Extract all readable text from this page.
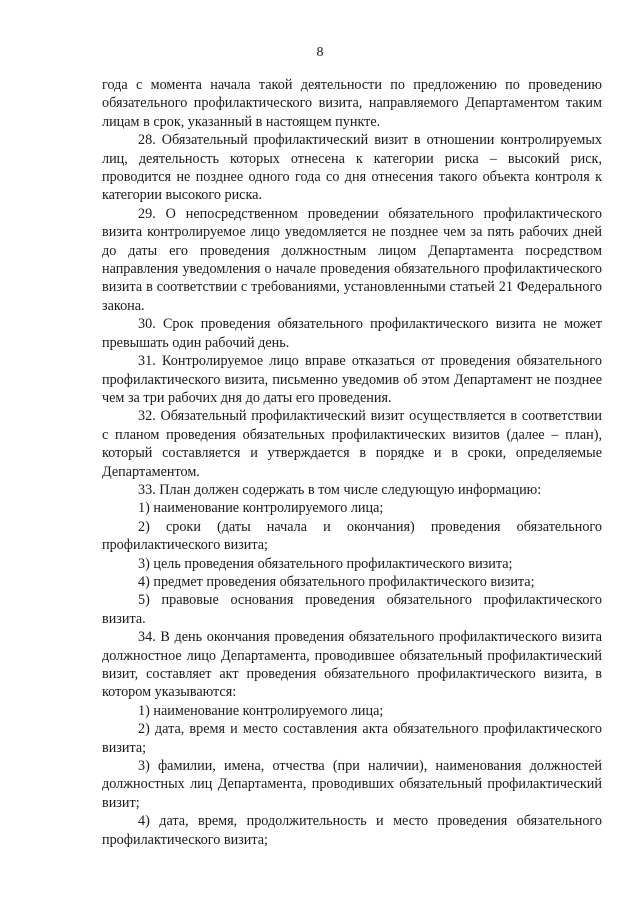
8

года с момента начала такой деятельности по предложению по проведению обязательного профилактического визита, направляемого Департаментом таким лицам в срок, указанный в настоящем пункте.

28. Обязательный профилактический визит в отношении контролируемых лиц, деятельность которых отнесена к категории риска – высокий риск, проводится не позднее одного года со дня отнесения такого объекта контроля к категории высокого риска.

29. О непосредственном проведении обязательного профилактического визита контролируемое лицо уведомляется не позднее чем за пять рабочих дней до даты его проведения должностным лицом Департамента посредством направления уведомления о начале проведения обязательного профилактического визита в соответствии с требованиями, установленными статьей 21 Федерального закона.

30. Срок проведения обязательного профилактического визита не может превышать один рабочий день.

31. Контролируемое лицо вправе отказаться от проведения обязательного профилактического визита, письменно уведомив об этом Департамент не позднее чем за три рабочих дня до даты его проведения.

32. Обязательный профилактический визит осуществляется в соответствии с планом проведения обязательных профилактических визитов (далее – план), который составляется и утверждается в порядке и в сроки, определяемые Департаментом.

33. План должен содержать в том числе следующую информацию:

1) наименование контролируемого лица;

2) сроки (даты начала и окончания) проведения обязательного профилактического визита;

3) цель проведения обязательного профилактического визита;

4) предмет проведения обязательного профилактического визита;

5) правовые основания проведения обязательного профилактического визита.

34. В день окончания проведения обязательного профилактического визита должностное лицо Департамента, проводившее обязательный профилактический визит, составляет акт проведения обязательного профилактического визита, в котором указываются:

1) наименование контролируемого лица;

2) дата, время и место составления акта обязательного профилактического визита;

3) фамилии, имена, отчества (при наличии), наименования должностей должностных лиц Департамента, проводивших обязательный профилактический визит;

4) дата, время, продолжительность и место проведения обязательного профилактического визита;
